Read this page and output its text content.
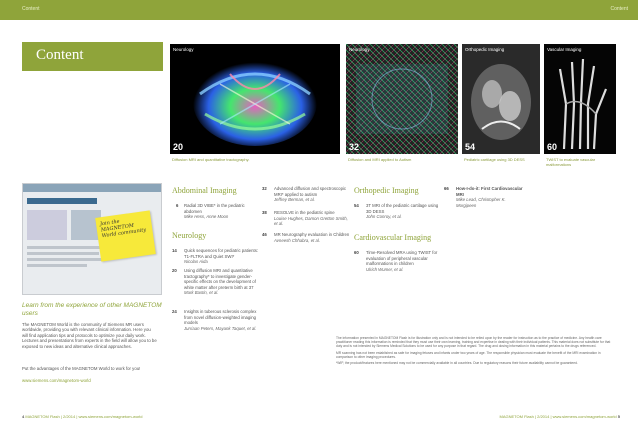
Content	Content
Content	Neurology
20
Diffusion MRI and quantitative tractography.
Neurology
32
Diffusion and MRI applied to Autism
Orthopedic Imaging
54
Pediatric cartilage using 3D DESS
Vascular Imaging
60
TWIST to evaluate vascular malformations
Join the MAGNETOM World community
Learn from the experience of other MAGNETOM users
The MAGNETOM World is the community of Siemens MR users worldwide, providing you with relevant clinical information. Here you will find application tips and protocols to optimize your daily work. Lectures and presentations from experts in the field will allow you to be exposed to new ideas and alternative clinical approaches.
Put the advantages of the MAGNETOM World to work for you!
www.siemens.com/magnetom-world
Abdominal Imaging
6 Radial 3D VIBE* in the pediatric abdomen
Mike Hess, Anne Moon
Neurology
14 Quick sequences for pediatric patients: T1-FLTRA and Quiet SWI*
Nicolas Aida
20 Using diffusion MRI and quantitative tractography* to investigate gender-specific effects on the development of white matter after preterm birth at 37
Mark Bastin, et al.
24 Insights in tuberous sclerosis complex from novel diffusion-weighted imaging models
Jurriaan Peters, Mayank Taquet, et al.
32 Advanced diffusion and spectroscopic MRI* applied to autism
Jeffrey Berman, et al.
38 RESOLVE in the pediatric spine
Louise Hughes, Damon Gretton Smith, et al.
46 MR Neurography evaluation in Children
Avneesh Chhabra, et al.
Orthopedic Imaging
54 3T MRI of the pediatric cartilage using 3D DESS
John Conroy, et al.
Cardiovascular Imaging
60 Time-Resolved MRA using TWIST for evaluation of peripheral vascular malformations in children
Ulrich Wumer, et al.
66 How-I-do-it: First Cardiovascular MRI
Mike Lead, Christopher K. Morgipeen
The information presented in MAGNETOM Flash is for illustration only and is not intended to be relied upon by the reader for instruction as to the practice of medicine. Any health care practitioner reading this information is reminded that they must use their own learning, training and expertise in dealing with their individual patients. This material does not substitute for that duty and is not intended by Siemens Medical Solutions to be used for any purpose in that regard. The drug and dosing information in this material pertains to the drugs referenced.
MR scanning has not been established as safe for imaging fetuses and infants under two years of age. The responsible physician must evaluate the benefit of the MRI examination in comparison to other imaging procedures.
*WIP, the product/features here mentioned may not be commercially available in all countries. Due to regulatory reasons their future availability cannot be guaranteed.
4 MAGNETOM Flash | 2/2014 | www.siemens.com/magnetom-world	MAGNETOM Flash | 2/2014 | www.siemens.com/magnetom-world 5
